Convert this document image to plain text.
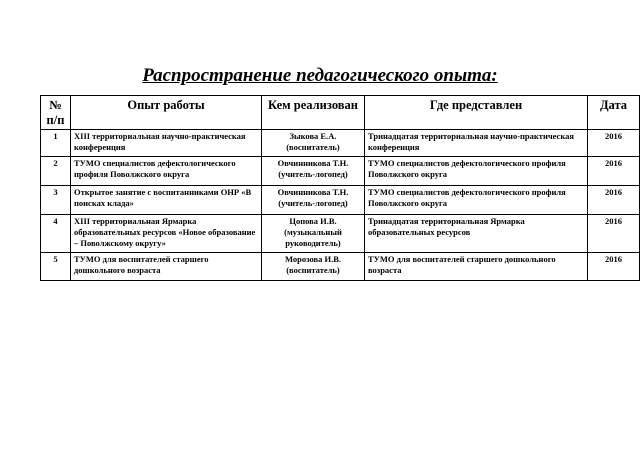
Распространение педагогического опыта:
№
п/п	Опыт работы	Кем реализован	Где представлен	Дата
1	XIII территориальная научно-практическая конференция	Зыкова Е.А. (воспитатель)	Тринадцатая территориальная научно-практическая конференция	2016
2	ТУМО специалистов дефектологического профиля Поволжского округа	Овчинникова Т.Н. (учитель-логопед)	ТУМО специалистов дефектологического профиля Поволжского округа	2016
3	Открытое занятие с воспитанниками ОНР «В поисках клада»	Овчинникова Т.Н. (учитель-логопед)	ТУМО специалистов дефектологического профиля Поволжского округа	2016
4	XIII территориальная Ярмарка образовательных ресурсов «Новое образование – Поволжскому округу»	Цопова И.В. (музыкальный руководитель)	Тринадцатая территориальная Ярмарка образовательных ресурсов	2016
5	ТУМО для воспитателей старшего дошкольного возраста	Морозова И.В. (воспитатель)	ТУМО для воспитателей старшего дошкольного возраста	2016
